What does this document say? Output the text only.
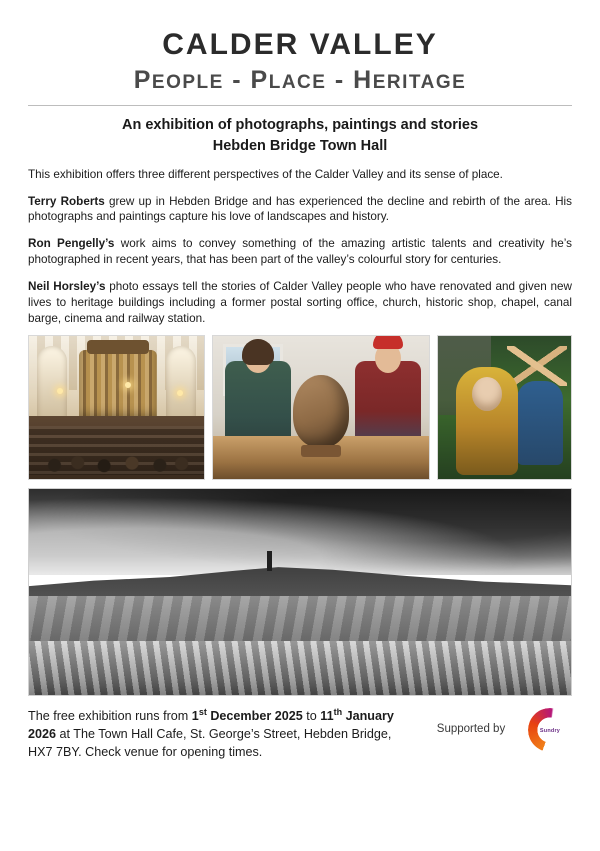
CALDER VALLEY
PEOPLE - PLACE - HERITAGE
An exhibition of photographs, paintings and stories
Hebden Bridge Town Hall

This exhibition offers three different perspectives of the Calder Valley and its sense of place.

Terry Roberts grew up in Hebden Bridge and has experienced the decline and rebirth of the area. His photographs and paintings capture his love of landscapes and history.

Ron Pengelly’s work aims to convey something of the amazing artistic talents and creativity he’s photographed in recent years, that has been part of the valley’s colourful story for centuries.

Neil Horsley’s photo essays tell the stories of Calder Valley people who have renovated and given new lives to heritage buildings including a former postal sorting office, church, historic shop, chapel, canal barge, cinema and railway station.

The free exhibition runs from 1st December 2025 to 11th January 2026 at The Town Hall Cafe, St. George’s Street, Hebden Bridge, HX7 7BY. Check venue for opening times.
Supported by	Sundry
